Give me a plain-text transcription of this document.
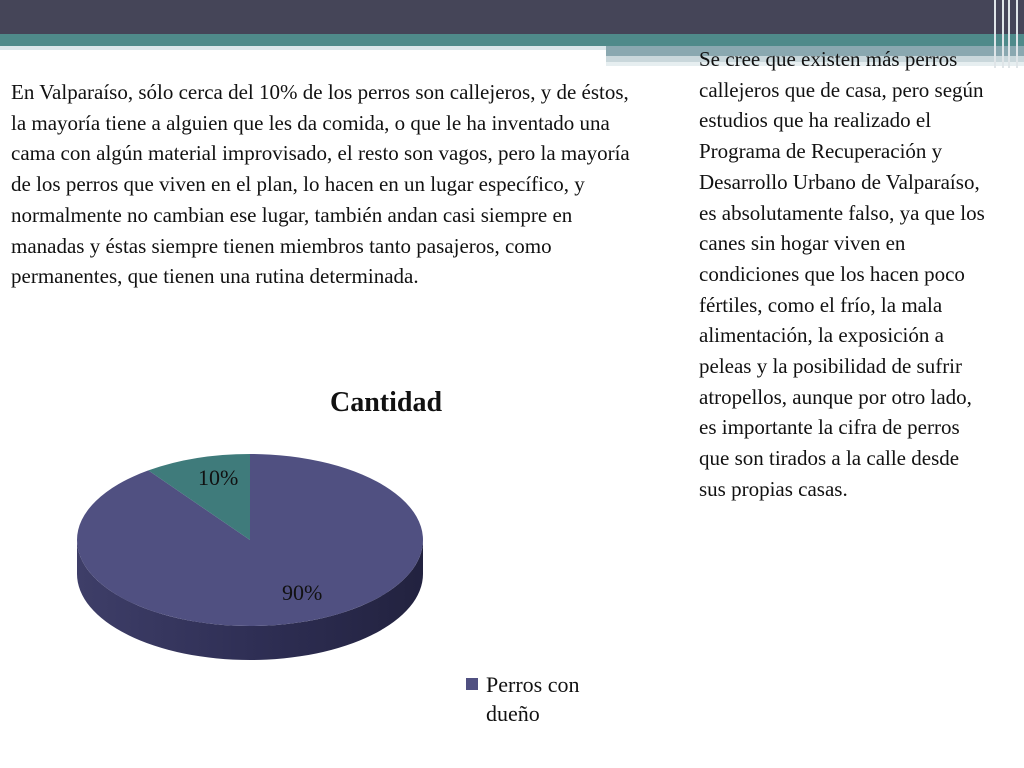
En Valparaíso, sólo cerca del 10% de los perros son callejeros, y de éstos, la mayoría tiene a alguien que les da comida, o que le ha inventado una cama con algún material improvisado, el resto son vagos, pero la mayoría de los perros que viven en el plan, lo hacen en un lugar específico, y normalmente no cambian ese lugar, también andan casi siempre en manadas y éstas siempre tienen miembros tanto pasajeros, como permanentes, que tienen una rutina determinada.

Se cree que existen más perros callejeros que de casa, pero según estudios que ha realizado el Programa de Recuperación y Desarrollo Urbano de Valparaíso, es absolutamente falso, ya que los canes sin hogar viven en condiciones que los hacen poco fértiles, como el frío, la mala alimentación, la exposición a peleas y la posibilidad de sufrir atropellos, aunque por otro lado, es importante la cifra de perros que son tirados a la calle desde sus propias casas.

Cantidad
10%
90%
Perros con dueño
